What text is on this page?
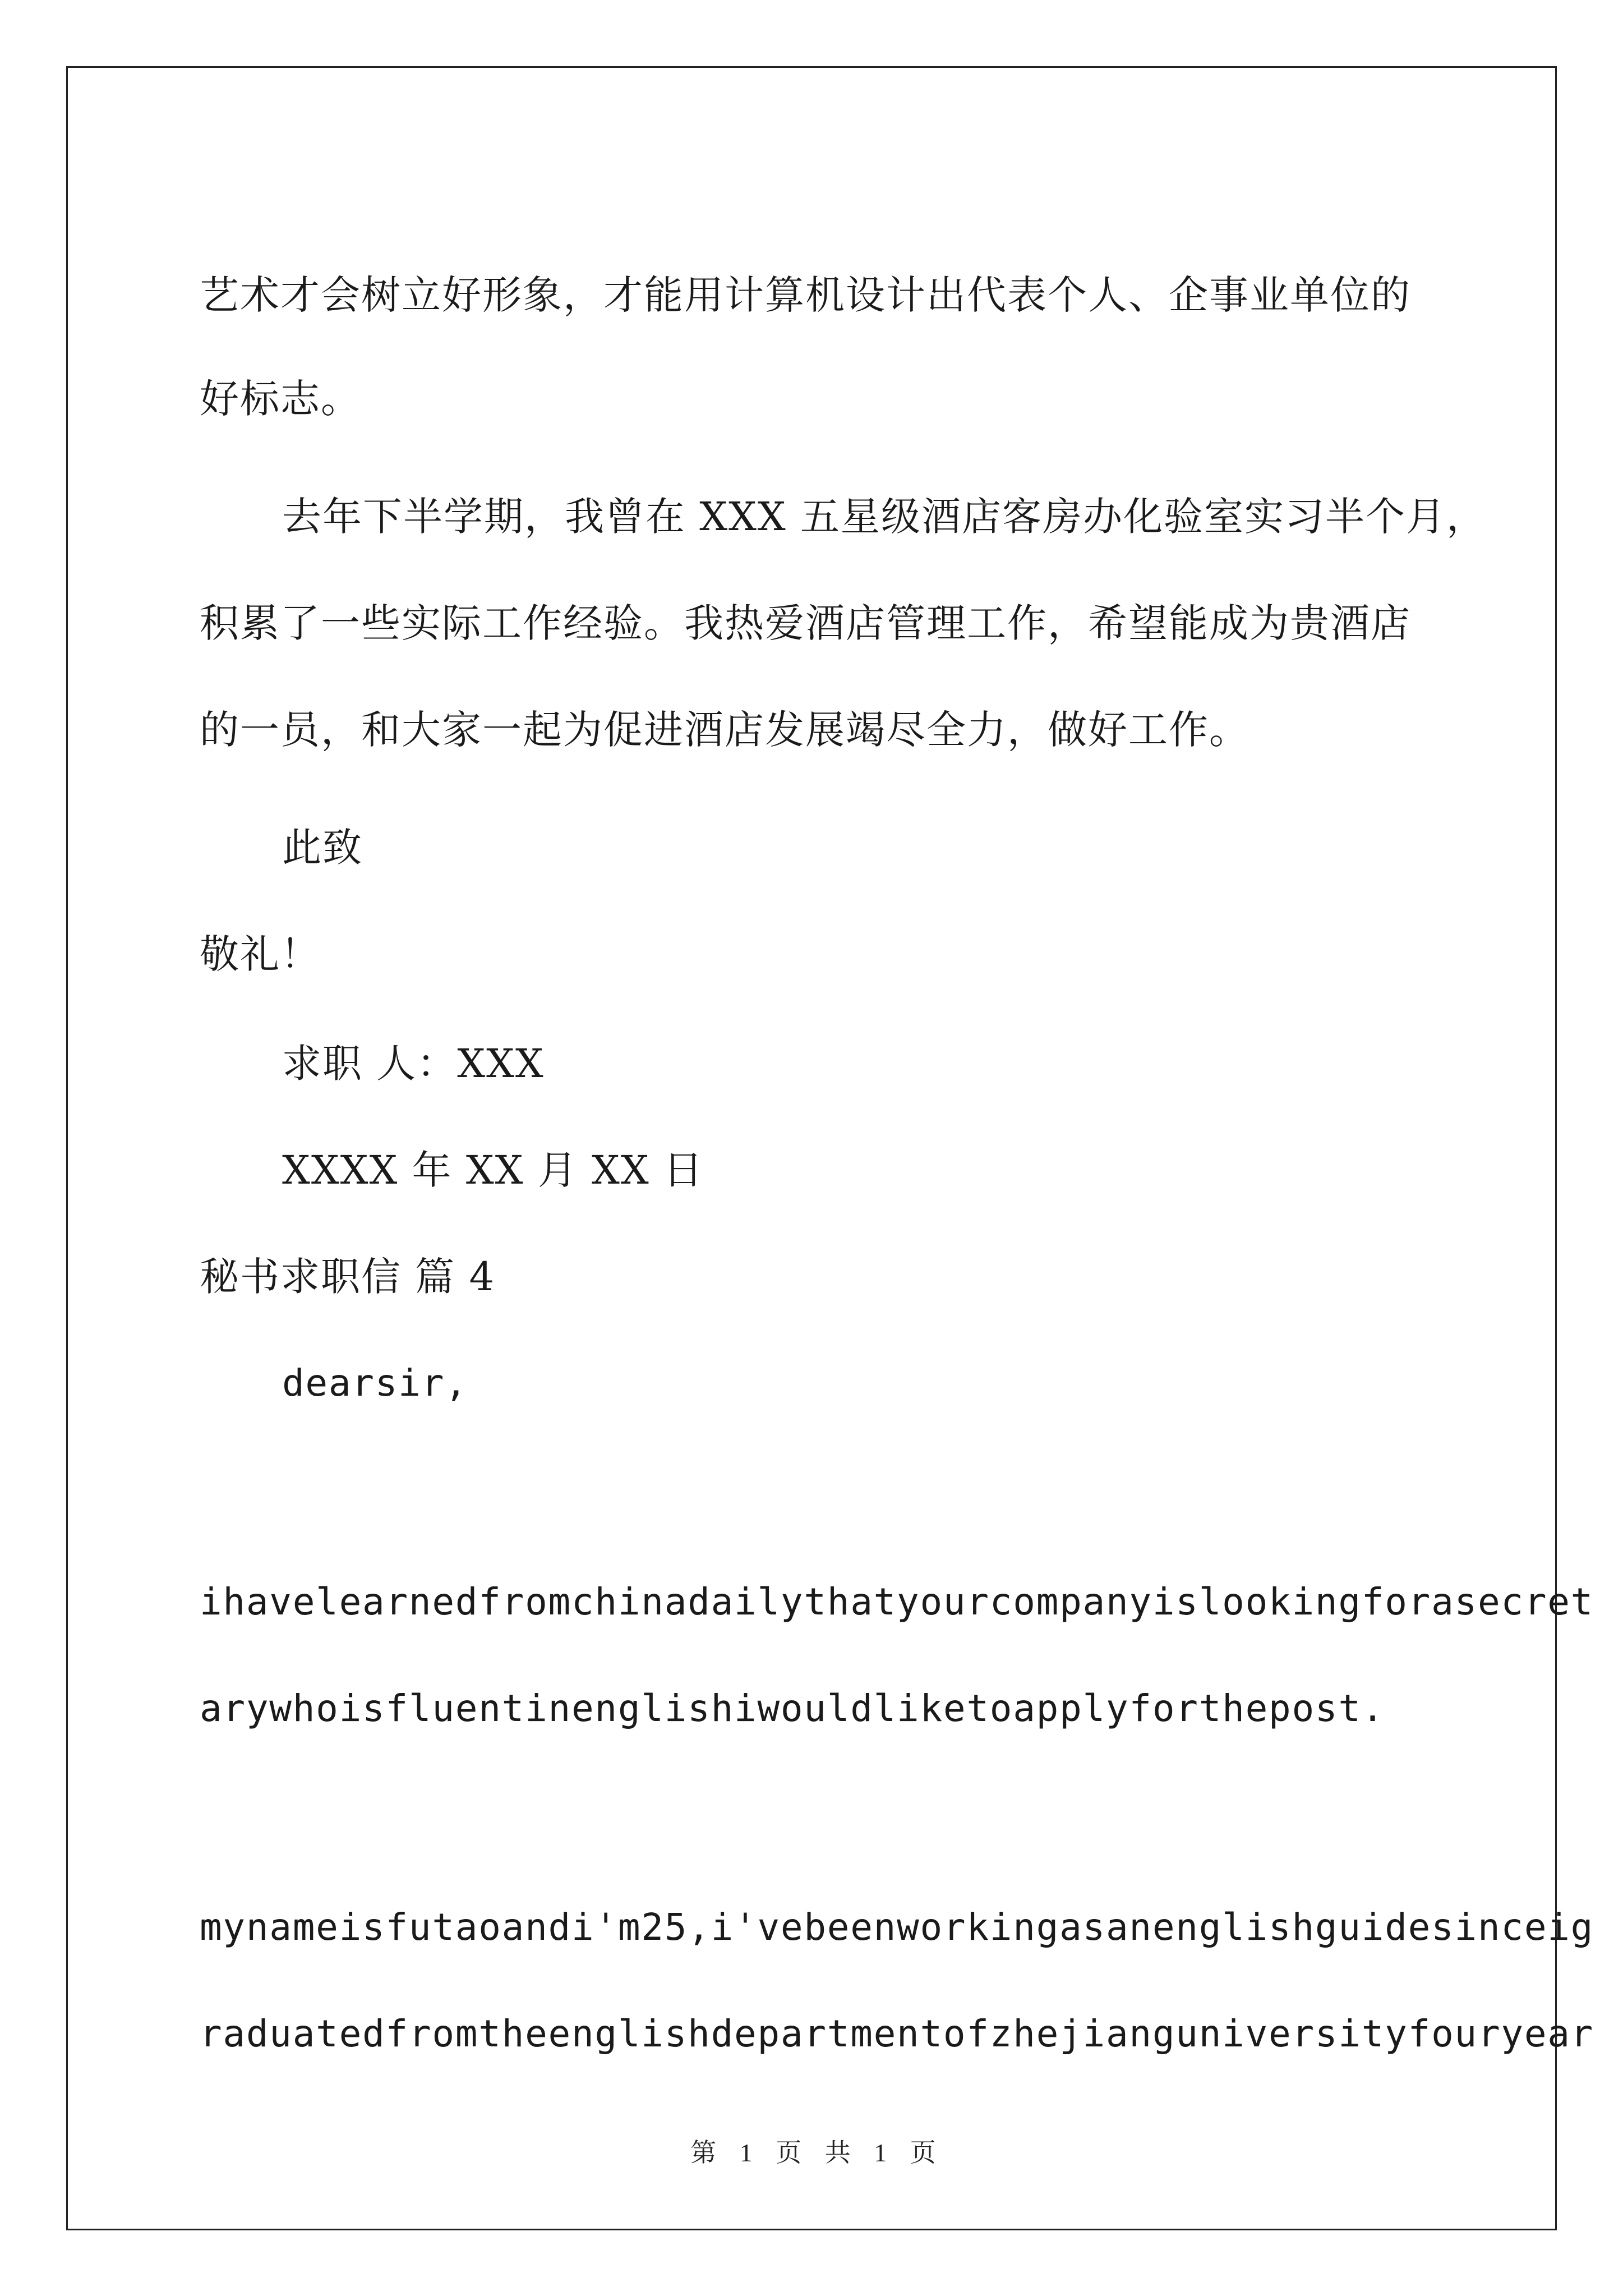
艺术才会树立好形象，才能用计算机设计出代表个人、企事业单位的
好标志。
去年下半学期，我曾在 XXX 五星级酒店客房办化验室实习半个月，
积累了一些实际工作经验。我热爱酒店管理工作，希望能成为贵酒店
的一员，和大家一起为促进酒店发展竭尽全力，做好工作。
此致
敬礼！
求职 人：XXX
XXXX 年 XX 月 XX 日
秘书求职信 篇 4
dearsir,
ihavelearnedfromchinadailythatyourcompanyislookingforasecret
arywhoisfluentinenglishiwouldliketoapplyforthepost.
mynameisfutaoandi'm25,i'vebeenworkingasanenglishguidesinceig
raduatedfromtheenglishdepartmentofzhejianguniversityfouryear
第 1 页 共 1 页
